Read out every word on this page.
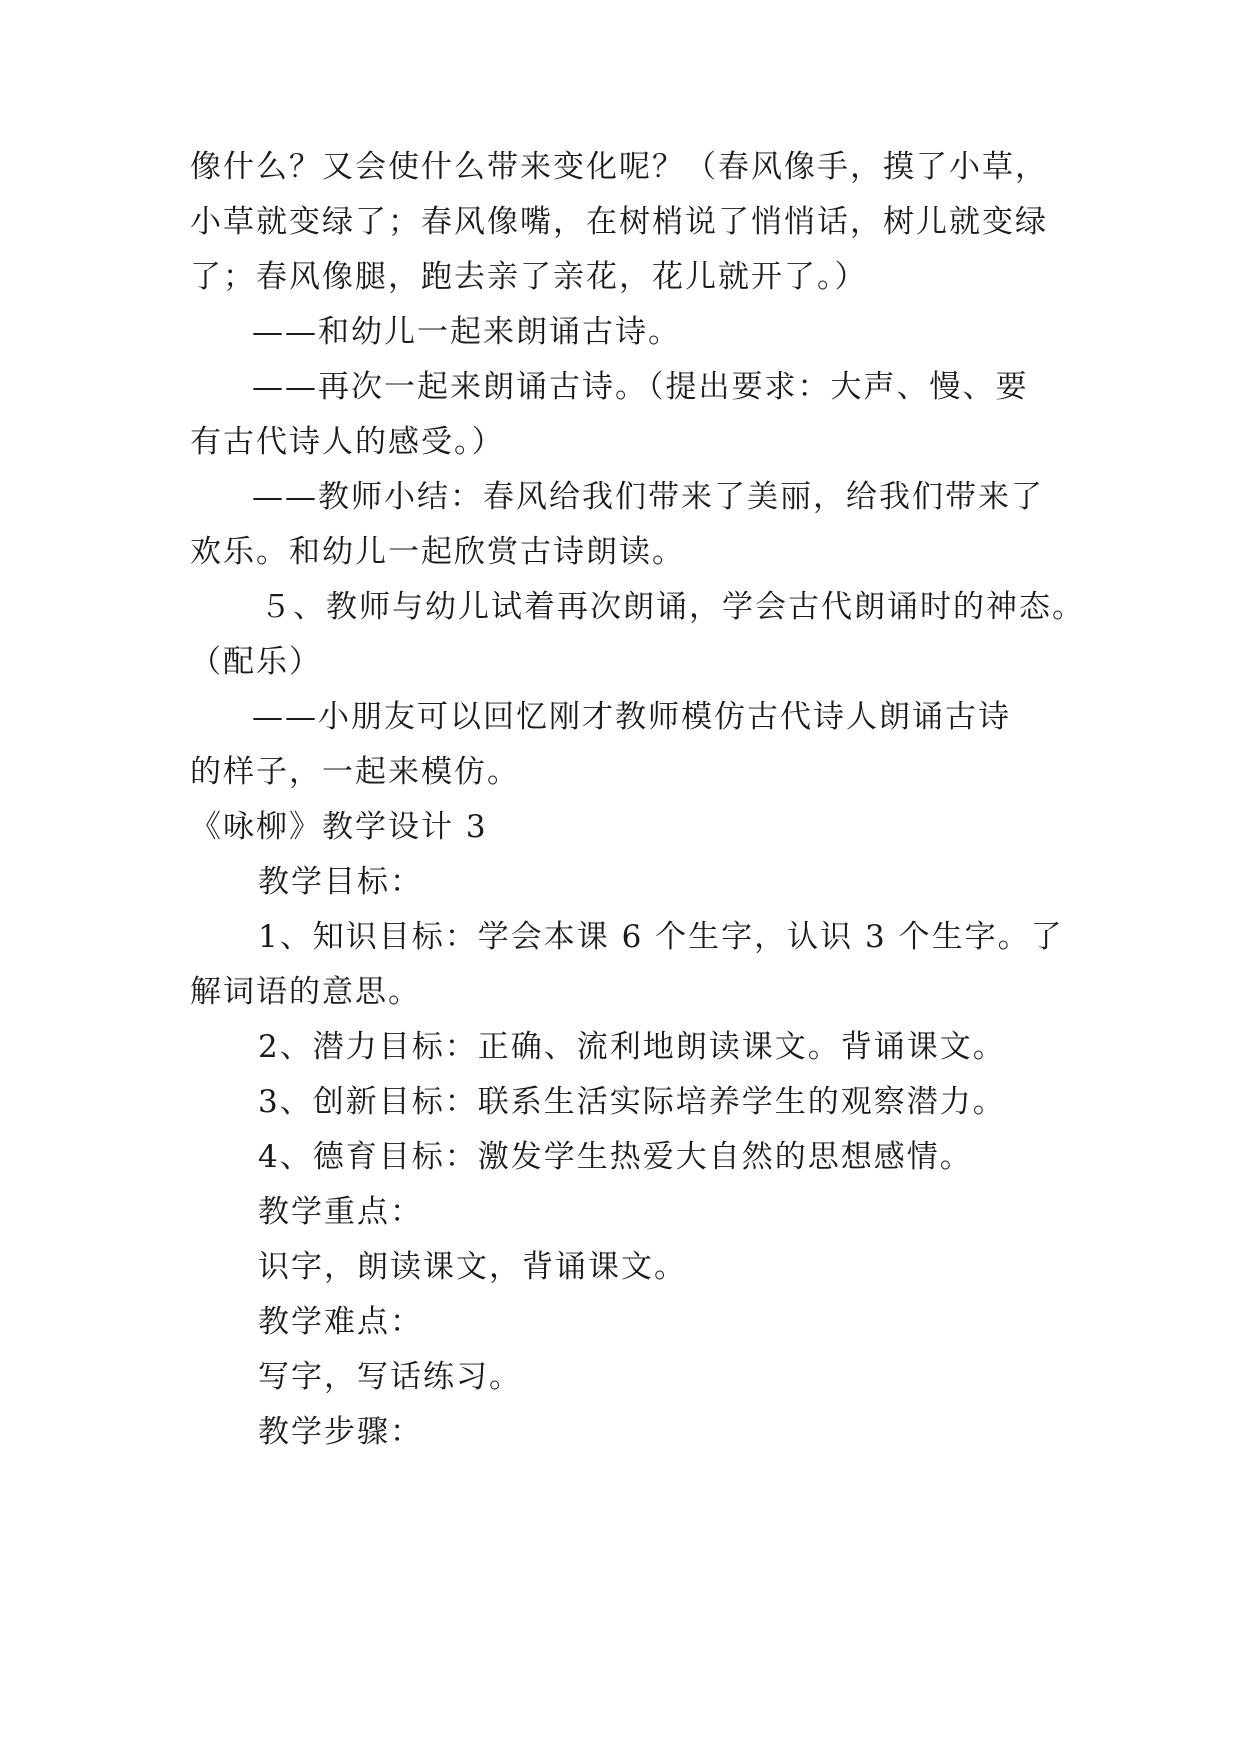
像什么？又会使什么带来变化呢？（春风像手，摸了小草，
小草就变绿了；春风像嘴，在树梢说了悄悄话，树儿就变绿
了；春风像腿，跑去亲了亲花，花儿就开了。）
——和幼儿一起来朗诵古诗。
——再次一起来朗诵古诗。（提出要求：大声、慢、要
有古代诗人的感受。）
——教师小结：春风给我们带来了美丽，给我们带来了
欢乐。和幼儿一起欣赏古诗朗读。
５、教师与幼儿试着再次朗诵，学会古代朗诵时的神态。
（配乐）
——小朋友可以回忆刚才教师模仿古代诗人朗诵古诗
的样子，一起来模仿。
《咏柳》教学设计 3
教学目标：
1、知识目标：学会本课 6 个生字，认识 3 个生字。了
解词语的意思。
2、潜力目标：正确、流利地朗读课文。背诵课文。
3、创新目标：联系生活实际培养学生的观察潜力。
4、德育目标：激发学生热爱大自然的思想感情。
教学重点：
识字，朗读课文，背诵课文。
教学难点：
写字，写话练习。
教学步骤：
